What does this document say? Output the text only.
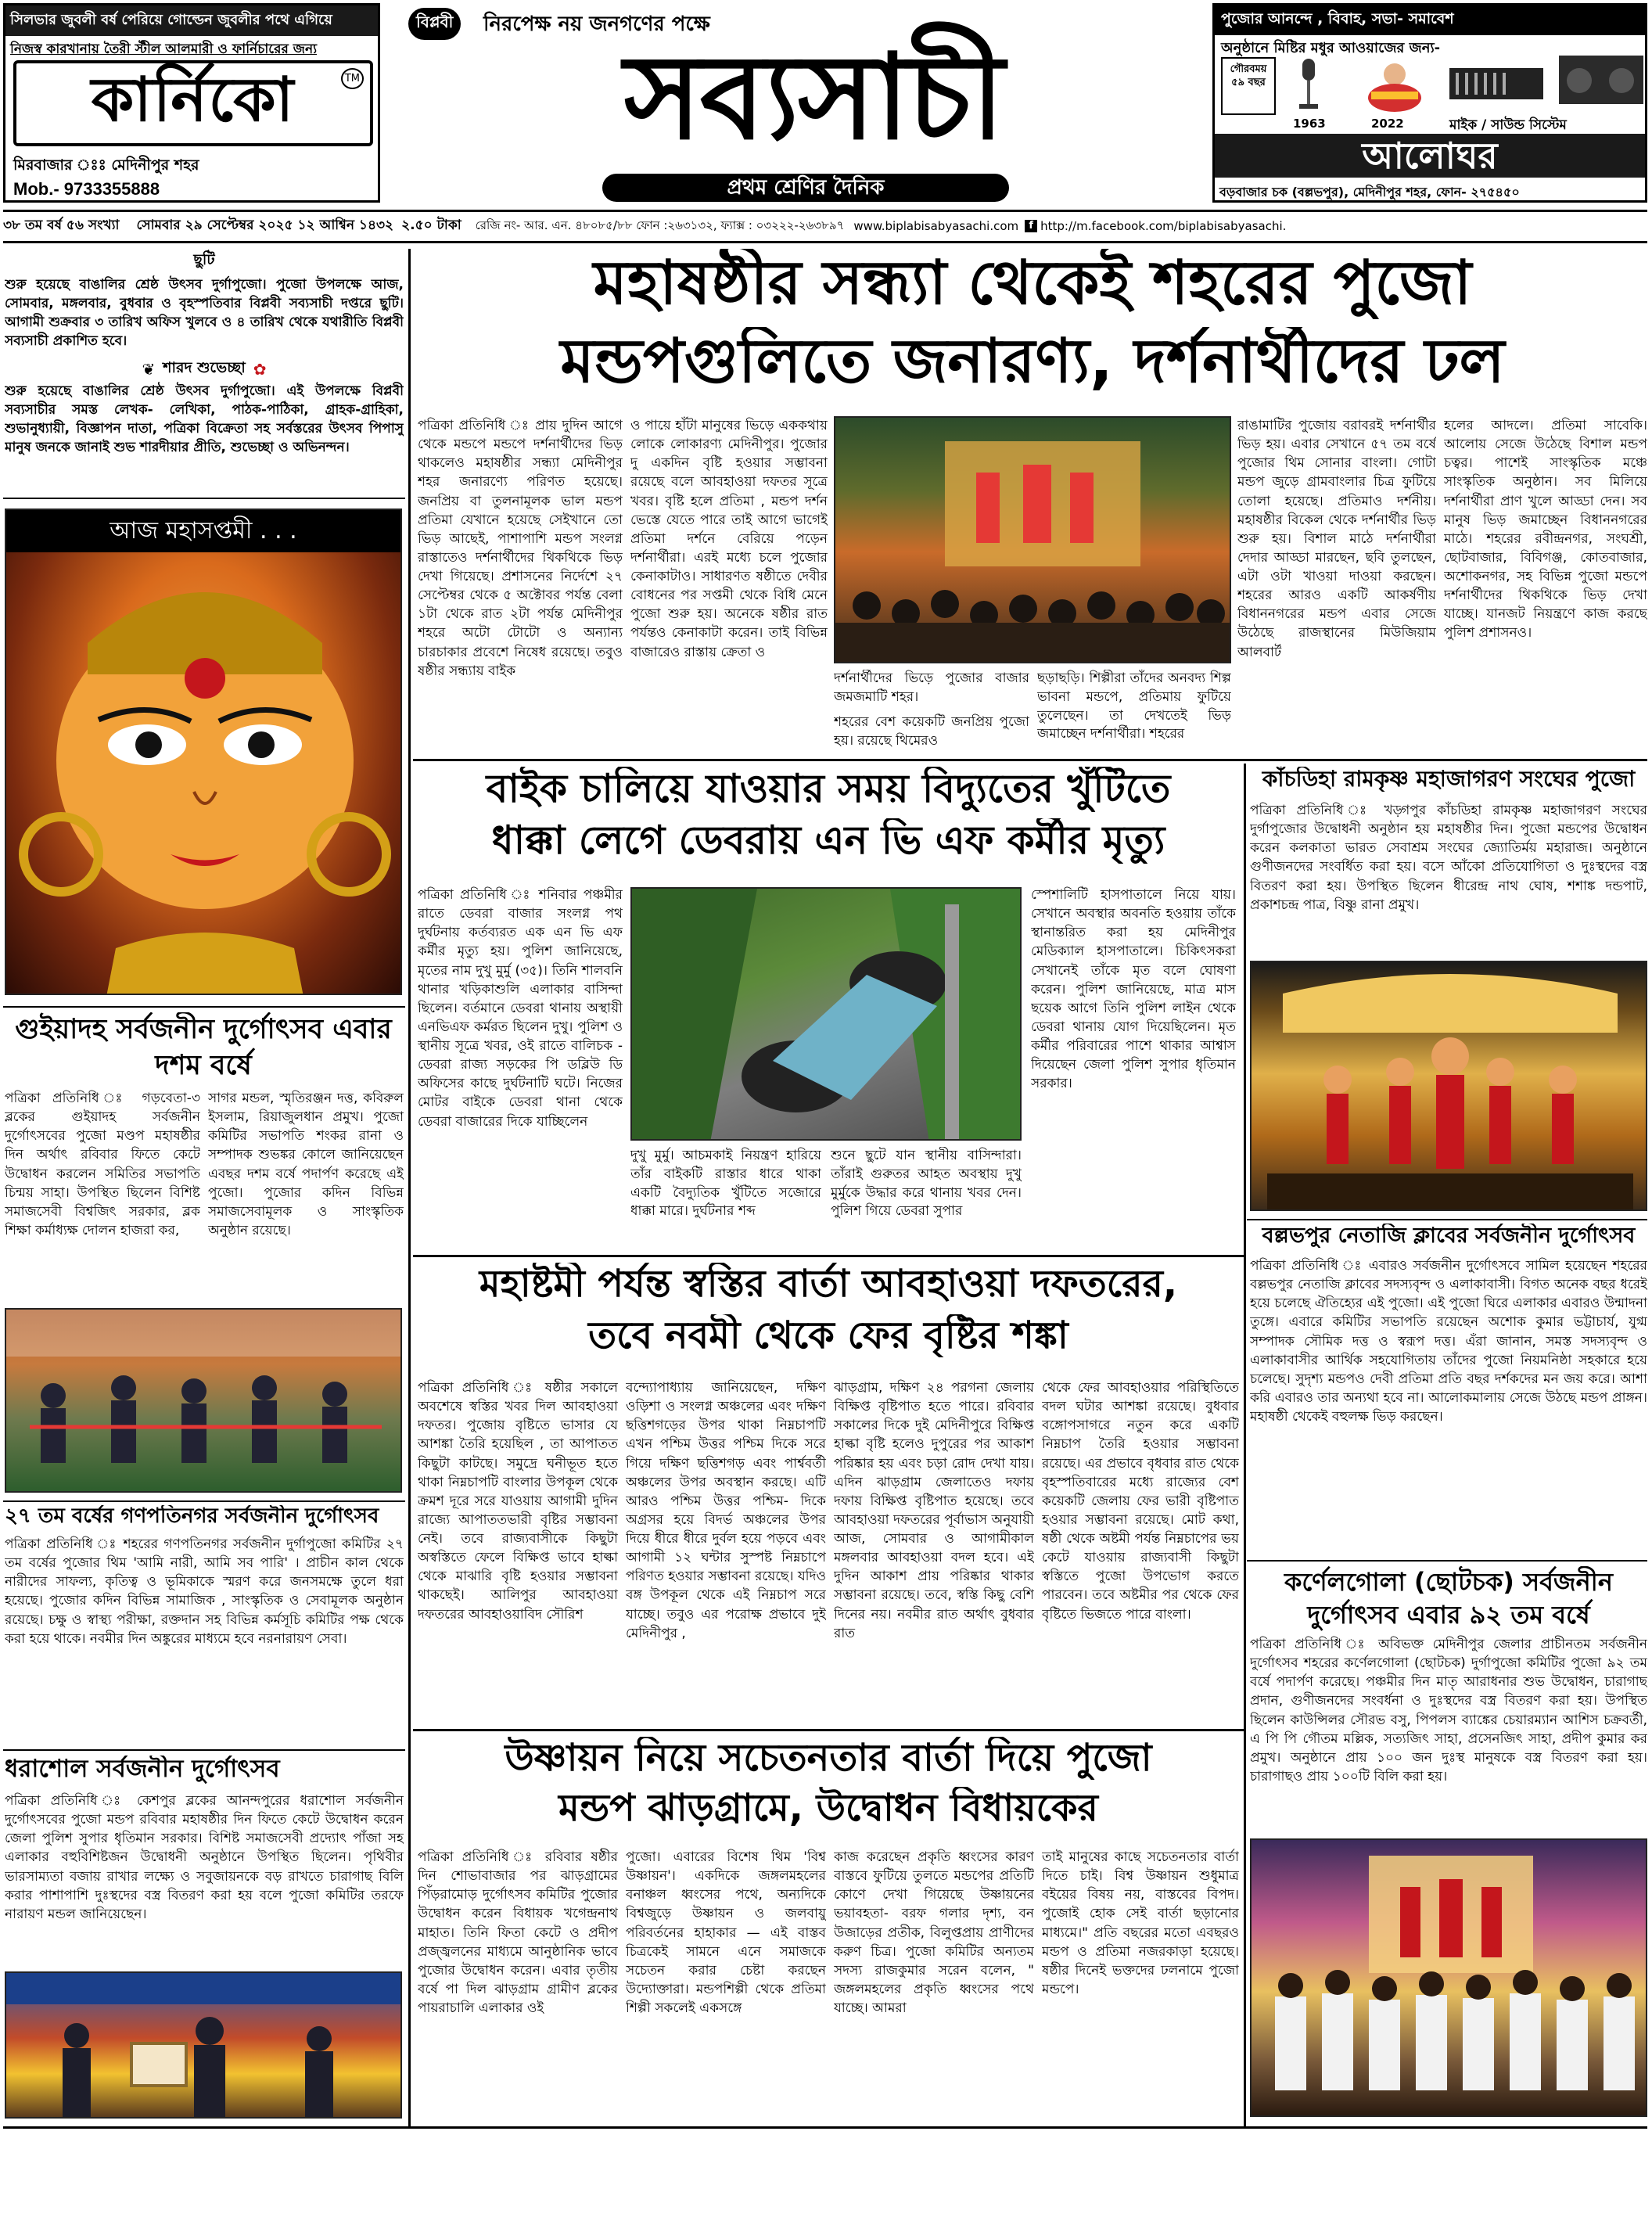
সিলভার জুবলী বর্ষ পেরিয়ে গোল্ডেন জুবলীর পথে এগিয়ে
নিজস্ব কারখানায় তৈরী স্টীল আলমারী ও ফার্নিচারের জন্য
কার্নিকো	TM
মিরবাজার ঃঃ মেদিনীপুর শহর
Mob.- 9733355888
বিপ্লবী	নিরপেক্ষ নয় জনগণের পক্ষে
সব্যসাচী
প্রথম শ্রেণির দৈনিক
পুজোর আনন্দে , বিবাহ, সভা- সমাবেশ
অনুষ্ঠানে মিষ্টির মধুর আওয়াজের জন্য-
গৌরবময় ৫৯ বছর
1963	2022	মাইক / সাউন্ড সিস্টেম
আলোঘর
বড়বাজার চক (বল্লভপুর), মেদিনীপুর শহর, ফোন- ২৭৫৪৫০
৩৮ তম বর্ষ ৫৬ সংখ্যা সোমবার ২৯ সেপ্টেম্বর ২০২৫ ১২ আশ্বিন ১৪৩২ ২.৫০ টাকা রেজি নং- আর. এন. ৪৮০৮৫/৮৮ ফোন :২৬৩১৩২, ফ্যাক্স : ০৩২২২-২৬৩৮৯৭ www.biplabisabyasachi.com	f http://m.facebook.com/biplabisabyasachi.
ছুটি
শুরু হয়েছে বাঙালির শ্রেষ্ঠ উৎসব দুর্গাপুজো। পুজো উপলক্ষে আজ, সোমবার, মঙ্গলবার, বুধবার ও বৃহস্পতিবার বিপ্লবী সব্যসাচী দপ্তরে ছুটি। আগামী শুক্রবার ৩ তারিখ অফিস খুলবে ও ৪ তারিখ থেকে যথারীতি বিপ্লবী সব্যসাচী প্রকাশিত হবে।
❦ শারদ শুভেচ্ছা ✿
শুরু হয়েছে বাঙালির শ্রেষ্ঠ উৎসব দুর্গাপুজো। এই উপলক্ষে বিপ্লবী সব্যসাচীর সমস্ত লেখক- লেখিকা, পাঠক-পাঠিকা, গ্রাহক-গ্রাহিকা, শুভানুধ্যায়ী, বিজ্ঞাপন দাতা, পত্রিকা বিক্রেতা সহ সর্বস্তরের উৎসব পিপাসু মানুষ জনকে জানাই শুভ শারদীয়ার প্রীতি, শুভেচ্ছা ও অভিনন্দন।
আজ মহাসপ্তমী . . .
গুইয়াদহ সর্বজনীন দুর্গোৎসব এবার দশম বর্ষে
পত্রিকা প্রতিনিধি ঃ গড়বেতা-৩ ব্লকের গুইয়াদহ সর্বজনীন দুর্গোৎসবের পুজো মণ্ডপ মহাষষ্ঠীর দিন অর্থাৎ রবিবার ফিতে কেটে উদ্বোধন করলেন সমিতির সভাপতি চিন্ময় সাহা। উপস্থিত ছিলেন বিশিষ্ট সমাজসেবী বিশ্বজিৎ সরকার, ব্লক শিক্ষা কর্মাধ্যক্ষ দোলন হাজরা কর,
সাগর মন্ডল, স্মৃতিরঞ্জন দত্ত, কবিরুল ইসলাম, রিয়াজুলধান প্রমুখ। পুজো কমিটির সভাপতি শংকর রানা ও সম্পাদক শুভঙ্কর কোলে জানিয়েছেন এবছর দশম বর্ষে পদার্পণ করেছে এই পুজো। পুজোর কদিন বিভিন্ন সমাজসেবামূলক ও সাংস্কৃতিক অনুষ্ঠান রয়েছে।
২৭ তম বর্ষের গণপতিনগর সর্বজনীন দুর্গোৎসব
পত্রিকা প্রতিনিধি ঃ শহরের গণপতিনগর সর্বজনীন দুর্গাপুজো কমিটির ২৭ তম বর্ষের পুজোর থিম 'আমি নারী, আমি সব পারি' । প্রাচীন কাল থেকে নারীদের সাফল্য, কৃতিত্ব ও ভূমিকাকে স্মরণ করে জনসমক্ষে তুলে ধরা হয়েছে। পুজোর কদিন বিভিন্ন সামাজিক , সাংস্কৃতিক ও সেবামূলক অনুষ্ঠান রয়েছে। চক্ষু ও স্বাস্থ্য পরীক্ষা, রক্তদান সহ বিভিন্ন কর্মসূচি কমিটির পক্ষ থেকে করা হয়ে থাকে। নবমীর দিন অঙ্কুরের মাধ্যমে হবে নরনারায়ণ সেবা।
ধরাশোল সর্বজনীন দুর্গোৎসব
পত্রিকা প্রতিনিধি ঃ কেশপুর ব্লকের আনন্দপুরের ধরাশোল সর্বজনীন দুর্গোৎসবের পুজো মন্ডপ রবিবার মহাষষ্ঠীর দিন ফিতে কেটে উদ্বোধন করেন জেলা পুলিশ সুপার ধৃতিমান সরকার। বিশিষ্ট সমাজসেবী প্রদ্যোৎ পাঁজা সহ এলাকার বহুবিশিষ্টজন উদ্বোধনী অনুষ্ঠানে উপস্থিত ছিলেন। পৃথিবীর ভারসাম্যতা বজায় রাখার লক্ষ্যে ও সবুজায়নকে বড় রাখতে চারাগাছ বিলি করার পাশাপাশি দুঃস্থদের বস্ত্র বিতরণ করা হয় বলে পুজো কমিটির তরফে নারায়ণ মন্ডল জানিয়েছেন।
মহাষষ্ঠীর সন্ধ্যা থেকেই শহরের পুজো
মন্ডপগুলিতে জনারণ্য, দর্শনার্থীদের ঢল
পত্রিকা প্রতিনিধি ঃ প্রায় দুদিন আগে থেকে মন্ডপে মন্ডপে দর্শনার্থীদের ভিড় থাকলেও মহাষষ্ঠীর সন্ধ্যা মেদিনীপুর শহর জনারণ্যে পরিণত হয়েছে। জনপ্রিয় বা তুলনামূলক ভাল মন্ডপ প্রতিমা যেখানে হয়েছে সেইখানে তো ভিড় আছেই, পাশাপাশি মন্ডপ সংলগ্ন রাস্তাতেও দর্শনার্থীদের থিকথিকে ভিড় দেখা গিয়েছে। প্রশাসনের নির্দেশে ২৭ সেপ্টেম্বর থেকে ৫ অক্টোবর পর্যন্ত বেলা ১টা থেকে রাত ২টা পর্যন্ত মেদিনীপুর শহরে অটো টোটো ও অন্যান্য চারচাকার প্রবেশে নিষেধ রয়েছে। তবুও ষষ্ঠীর সন্ধ্যায় বাইক
ও পায়ে হাঁটা মানুষের ভিড়ে এককথায় লোকে লোকারণ্য মেদিনীপুর। পুজোর দু একদিন বৃষ্টি হওয়ার সম্ভাবনা রয়েছে বলে আবহাওয়া দফতর সূত্রে খবর। বৃষ্টি হলে প্রতিমা , মন্ডপ দর্শন ভেস্তে যেতে পারে তাই আগে ভাগেই প্রতিমা দর্শনে বেরিয়ে পড়েন দর্শনার্থীরা। এরই মধ্যে চলে পুজোর কেনাকাটাও। সাধারণত ষষ্ঠীতে দেবীর বোধনের পর সপ্তমী থেকে বিধি মেনে পুজো শুরু হয়। অনেকে ষষ্ঠীর রাত পর্যন্তও কেনাকাটা করেন। তাই বিভিন্ন বাজারেও রাস্তায় ক্রেতা ও
দর্শনার্থীদের ভিড়ে পুজোর বাজার জমজমাটি শহর।
শহরের বেশ কয়েকটি জনপ্রিয় পুজো হয়। রয়েছে থিমেরও
ছড়াছড়ি। শিল্পীরা তাঁদের অনবদ্য শিল্প ভাবনা মন্ডপে, প্রতিমায় ফুটিয়ে তুলেছেন। তা দেখতেই ভিড় জমাচ্ছেন দর্শনার্থীরা। শহরের
রাঙামাটির পুজোয় বরাবরই দর্শনার্থীর ভিড় হয়। এবার সেখানে ৫৭ তম বর্ষে পুজোর থিম সোনার বাংলা। গোটা মন্ডপ জুড়ে গ্রামবাংলার চিত্র ফুটিয়ে তোলা হয়েছে। প্রতিমাও দর্শনীয়। মহাষষ্ঠীর বিকেল থেকে দর্শনার্থীর ভিড় শুরু হয়। বিশাল মাঠে দর্শনার্থীরা দেদার আড্ডা মারছেন, ছবি তুলছেন, এটা ওটা খাওয়া দাওয়া করছেন। শহরের আরও একটি আকর্ষণীয় বিধাননগরের মন্ডপ এবার সেজে উঠেছে রাজস্থানের মিউজিয়াম আলবার্ট
হলের আদলে। প্রতিমা সাবেকি। আলোয় সেজে উঠেছে বিশাল মন্ডপ চত্বর। পাশেই সাংস্কৃতিক মঞ্চে সাংস্কৃতিক অনুষ্ঠান। সব মিলিয়ে দর্শনার্থীরা প্রাণ খুলে আড্ডা দেন। সব মানুষ ভিড় জমাচ্ছেন বিধাননগরের মাঠে। শহরের রবীন্দ্রনগর, সংঘশ্রী, ছোটবাজার, বিবিগঞ্জ, কোতবাজার, অশোকনগর, সহ বিভিন্ন পুজো মন্ডপে দর্শনার্থীদের থিকথিকে ভিড় দেখা যাচ্ছে। যানজট নিয়ন্ত্রণে কাজ করছে পুলিশ প্রশাসনও।
বাইক চালিয়ে যাওয়ার সময় বিদ্যুতের খুঁটিতে
ধাক্কা লেগে ডেবরায় এন ভি এফ কর্মীর মৃত্যু
পত্রিকা প্রতিনিধি ঃ শনিবার পঞ্চমীর রাতে ডেবরা বাজার সংলগ্ন পথ দুর্ঘটনায় কর্তব্যরত এক এন ভি এফ কর্মীর মৃত্যু হয়। পুলিশ জানিয়েছে, মৃতের নাম দুখু মুর্মু (৩৫)। তিনি শালবনি থানার খড়িকাশুলি এলাকার বাসিন্দা ছিলেন। বর্তমানে ডেবরা থানায় অস্থায়ী এনভিএফ কর্মরত ছিলেন দুখু। পুলিশ ও স্থানীয় সূত্রে খবর, ওই রাতে বালিচক - ডেবরা রাজ্য সড়কের পি ডব্লিউ ডি অফিসের কাছে দুর্ঘটনাটি ঘটে। নিজের মোটর বাইকে ডেবরা থানা থেকে ডেবরা বাজারের দিকে যাচ্ছিলেন
দুখু মুর্মু। আচমকাই নিয়ন্ত্রণ হারিয়ে তাঁর বাইকটি রাস্তার ধারে থাকা একটি বৈদ্যুতিক খুঁটিতে সজোরে ধাক্কা মারে। দুর্ঘটনার শব্দ
শুনে ছুটে যান স্থানীয় বাসিন্দারা। তাঁরাই গুরুতর আহত অবস্থায় দুখু মুর্মুকে উদ্ধার করে থানায় খবর দেন। পুলিশ গিয়ে ডেবরা সুপার
স্পেশালিটি হাসপাতালে নিয়ে যায়। সেখানে অবস্থার অবনতি হওয়ায় তাঁকে স্থানান্তরিত করা হয় মেদিনীপুর মেডিক্যাল হাসপাতালে। চিকিৎসকরা সেখানেই তাঁকে মৃত বলে ঘোষণা করেন। পুলিশ জানিয়েছে, মাত্র মাস ছয়েক আগে তিনি পুলিশ লাইন থেকে ডেবরা থানায় যোগ দিয়েছিলেন। মৃত কর্মীর পরিবারের পাশে থাকার আশ্বাস দিয়েছেন জেলা পুলিশ সুপার ধৃতিমান সরকার।
মহাষ্টমী পর্যন্ত স্বস্তির বার্তা আবহাওয়া দফতরের,
তবে নবমী থেকে ফের বৃষ্টির শঙ্কা
পত্রিকা প্রতিনিধি ঃ ষষ্ঠীর সকালে অবশেষে স্বস্তির খবর দিল আবহাওয়া দফতর। পুজোয় বৃষ্টিতে ভাসার যে আশঙ্কা তৈরি হয়েছিল , তা আপাতত কিছুটা কাটছে। সমুদ্রে ঘনীভূত হতে থাকা নিম্নচাপটি বাংলার উপকূল থেকে ক্রমশ দূরে সরে যাওয়ায় আগামী দুদিন রাজ্যে আপাততভারী বৃষ্টির সম্ভাবনা নেই। তবে রাজ্যবাসীকে কিছুটা অস্বস্তিতে ফেলে বিক্ষিপ্ত ভাবে হাল্কা থেকে মাঝারি বৃষ্টি হওয়ার সম্ভাবনা থাকছেই। আলিপুর আবহাওয়া দফতরের আবহাওয়াবিদ সৌরিশ
বন্দ্যোপাধ্যায় জানিয়েছেন, দক্ষিণ ওড়িশা ও সংলগ্ন অঞ্চলের এবং দক্ষিণ ছত্তিশগড়ের উপর থাকা নিম্নচাপটি এখন পশ্চিম উত্তর পশ্চিম দিকে সরে গিয়ে দক্ষিণ ছত্তিশগড় এবং পার্শ্ববর্তী অঞ্চলের উপর অবস্থান করছে। এটি আরও পশ্চিম উত্তর পশ্চিম- দিকে অগ্রসর হয়ে বিদর্ভ অঞ্চলের উপর দিয়ে ধীরে ধীরে দুর্বল হয়ে পড়বে এবং আগামী ১২ ঘন্টার সুস্পষ্ট নিম্নচাপে পরিণত হওয়ার সম্ভাবনা রয়েছে। যদিও বঙ্গ উপকূল থেকে এই নিম্নচাপ সরে যাচ্ছে। তবুও এর পরোক্ষ প্রভাবে দুই মেদিনীপুর ,
ঝাড়গ্রাম, দক্ষিণ ২৪ পরগনা জেলায় বিক্ষিপ্ত বৃষ্টিপাত হতে পারে। রবিবার সকালের দিকে দুই মেদিনীপুরে বিক্ষিপ্ত হাল্কা বৃষ্টি হলেও দুপুরের পর আকাশ পরিষ্কার হয় এবং চড়া রোদ দেখা যায়। এদিন ঝাড়গ্রাম জেলাতেও দফায় দফায় বিক্ষিপ্ত বৃষ্টিপাত হয়েছে। তবে আবহাওয়া দফতরের পূর্বাভাস অনুযায়ী আজ, সোমবার ও আগামীকাল মঙ্গলবার আবহাওয়া বদল হবে। এই দুদিন আকাশ প্রায় পরিষ্কার থাকার সম্ভাবনা রয়েছে। তবে, স্বস্তি কিছু বেশি দিনের নয়। নবমীর রাত অর্থাৎ বুধবার রাত
থেকে ফের আবহাওয়ার পরিস্থিতিতে বদল ঘটার আশঙ্কা রয়েছে। বুধবার বঙ্গোপসাগরে নতুন করে একটি নিম্নচাপ তৈরি হওয়ার সম্ভাবনা রয়েছে। এর প্রভাবে বৃধবার রাত থেকে বৃহস্পতিবারের মধ্যে রাজ্যের বেশ কয়েকটি জেলায় ফের ভারী বৃষ্টিপাত হওয়ার সম্ভাবনা রয়েছে। মোট কথা, ষষ্ঠী থেকে অষ্টমী পর্যন্ত নিম্নচাপের ভয় কেটে যাওয়ায় রাজ্যবাসী কিছুটা স্বস্তিতে পুজো উপভোগ করতে পারবেন। তবে অষ্টমীর পর থেকে ফের বৃষ্টিতে ভিজতে পারে বাংলা।
উষ্ণায়ন নিয়ে সচেতনতার বার্তা দিয়ে পুজো
মন্ডপ ঝাড়গ্রামে, উদ্বোধন বিধায়কের
পত্রিকা প্রতিনিধি ঃ রবিবার ষষ্ঠীর দিন শোভাবাজার পর ঝাড়গ্রামের পিঁড়রামোড় দুর্গোৎসব কমিটির পুজোর উদ্বোধন করেন বিধায়ক খগেন্দ্রনাথ মাহাত। তিনি ফিতা কেটে ও প্রদীপ প্রজ্জ্বলনের মাধ্যমে আনুষ্ঠানিক ভাবে পুজোর উদ্বোধন করেন। এবার তৃতীয় বর্ষে পা দিল ঝাড়গ্রাম গ্রামীণ ব্লকের পায়রাচালি এলাকার ওই
পুজো। এবারের বিশেষ থিম 'বিশ্ব উষ্ণায়ন'। একদিকে জঙ্গলমহলের বনাঞ্চল ধ্বংসের পথে, অন্যদিকে বিশ্বজুড়ে উষ্ণায়ন ও জলবায়ু পরিবর্তনের হাহাকার — এই বাস্তব চিত্রকেই সামনে এনে সমাজকে সচেতন করার চেষ্টা করছেন উদ্যোক্তারা। মন্ডপশিল্পী থেকে প্রতিমা শিল্পী সকলেই একসঙ্গে
কাজ করেছেন প্রকৃতি ধ্বংসের কারণ বাস্তবে ফুটিয়ে তুলতে মন্ডপের প্রতিটি কোণে দেখা গিয়েছে উষ্ণায়নের ভয়াবহতা- বরফ গলার দৃশ্য, বন উজাড়ের প্রতীক, বিলুপ্তপ্রায় প্রাণীদের করুণ চিত্র। পুজো কমিটির অন্যতম সদস্য রাজকুমার সরেন বলেন, " জঙ্গলমহলের প্রকৃতি ধ্বংসের পথে যাচ্ছে। আমরা
তাই মানুষের কাছে সচেতনতার বার্তা দিতে চাই। বিশ্ব উষ্ণায়ন শুধুমাত্র বইয়ের বিষয় নয়, বাস্তবের বিপদ। পুজোই হোক সেই বার্তা ছড়ানোর মাধ্যমে।" প্রতি বছরের মতো এবছরও মন্ডপ ও প্রতিমা নজরকাড়া হয়েছে। ষষ্ঠীর দিনেই ভক্তদের ঢলনামে পুজো মন্ডপে।
কাঁচডিহা রামকৃষ্ণ মহাজাগরণ সংঘের পুজো
পত্রিকা প্রতিনিধি ঃ খড়্গপুর কাঁচডিহা রামকৃষ্ণ মহাজাগরণ সংঘের দুর্গাপুজোর উদ্বোধনী অনুষ্ঠান হয় মহাষষ্ঠীর দিন। পুজো মন্ডপের উদ্বোধন করেন কলকাতা ভারত সেবাশ্রম সংঘের জ্যোতির্ময় মহারাজ। অনুষ্ঠানে গুণীজনদের সংবর্ধিত করা হয়। বসে আঁকো প্রতিযোগিতা ও দুঃস্থদের বস্ত্র বিতরণ করা হয়। উপস্থিত ছিলেন ধীরেন্দ্র নাথ ঘোষ, শশাঙ্ক দন্ডপাট, প্রকাশচন্দ্র পাত্র, বিষ্ণু রানা প্রমুখ।
বল্লভপুর নেতাজি ক্লাবের সর্বজনীন দুর্গোৎসব
পত্রিকা প্রতিনিধি ঃ এবারও সর্বজনীন দুর্গোৎসবে সামিল হয়েছেন শহরের বল্লভপুর নেতাজি ক্লাবের সদস্যবৃন্দ ও এলাকাবাসী। বিগত অনেক বছর ধরেই হয়ে চলেছে ঐতিহ্যের এই পুজো। এই পুজো ঘিরে এলাকার এবারও উন্মাদনা তুঙ্গে। এবারে কমিটির সভাপতি রয়েছেন অশোক কুমার ভট্টাচার্য, যুগ্ম সম্পাদক সৌমিক দত্ত ও স্বরূপ দত্ত। এঁরা জানান, সমস্ত সদস্যবৃন্দ ও এলাকাবাসীর আর্থিক সহযোগিতায় তাঁদের পুজো নিয়মনিষ্ঠা সহকারে হয়ে চলেছে। সুদৃশ্য মন্ডপও দেবী প্রতিমা প্রতি বছর দর্শকদের মন জয় করে। আশা করি এবারও তার অন্যথা হবে না। আলোকমালায় সেজে উঠছে মন্ডপ প্রাঙ্গন। মহাষষ্ঠী থেকেই বহুলক্ষ ভিড় করছেন।
কর্ণেলগোলা (ছোটচক) সর্বজনীন দুর্গোৎসব এবার ৯২ তম বর্ষে
পত্রিকা প্রতিনিধি ঃ অবিভক্ত মেদিনীপুর জেলার প্রাচীনতম সর্বজনীন দুর্গোৎসব শহরের কর্ণেলগোলা (ছোটচক) দুর্গাপুজো কমিটির পুজো ৯২ তম বর্ষে পদার্পণ করেছে। পঞ্চমীর দিন মাতৃ আরাধনার শুভ উদ্বোধন, চারাগাছ প্রদান, গুণীজনদের সংবর্ধনা ও দুঃস্থদের বস্ত্র বিতরণ করা হয়। উপস্থিত ছিলেন কাউন্সিলর সৌরভ বসু, পিপলস ব্যাঙ্কের চেয়ারম্যান আশিস চক্রবর্তী, এ পি পি গৌতম মল্লিক, সত্যজিৎ সাহা, প্রসেনজিৎ সাহা, প্রদীপ কুমার কর প্রমুখ। অনুষ্ঠানে প্রায় ১০০ জন দুঃস্থ মানুষকে বস্ত্র বিতরণ করা হয়। চারাগাছও প্রায় ১০০টি বিলি করা হয়।
